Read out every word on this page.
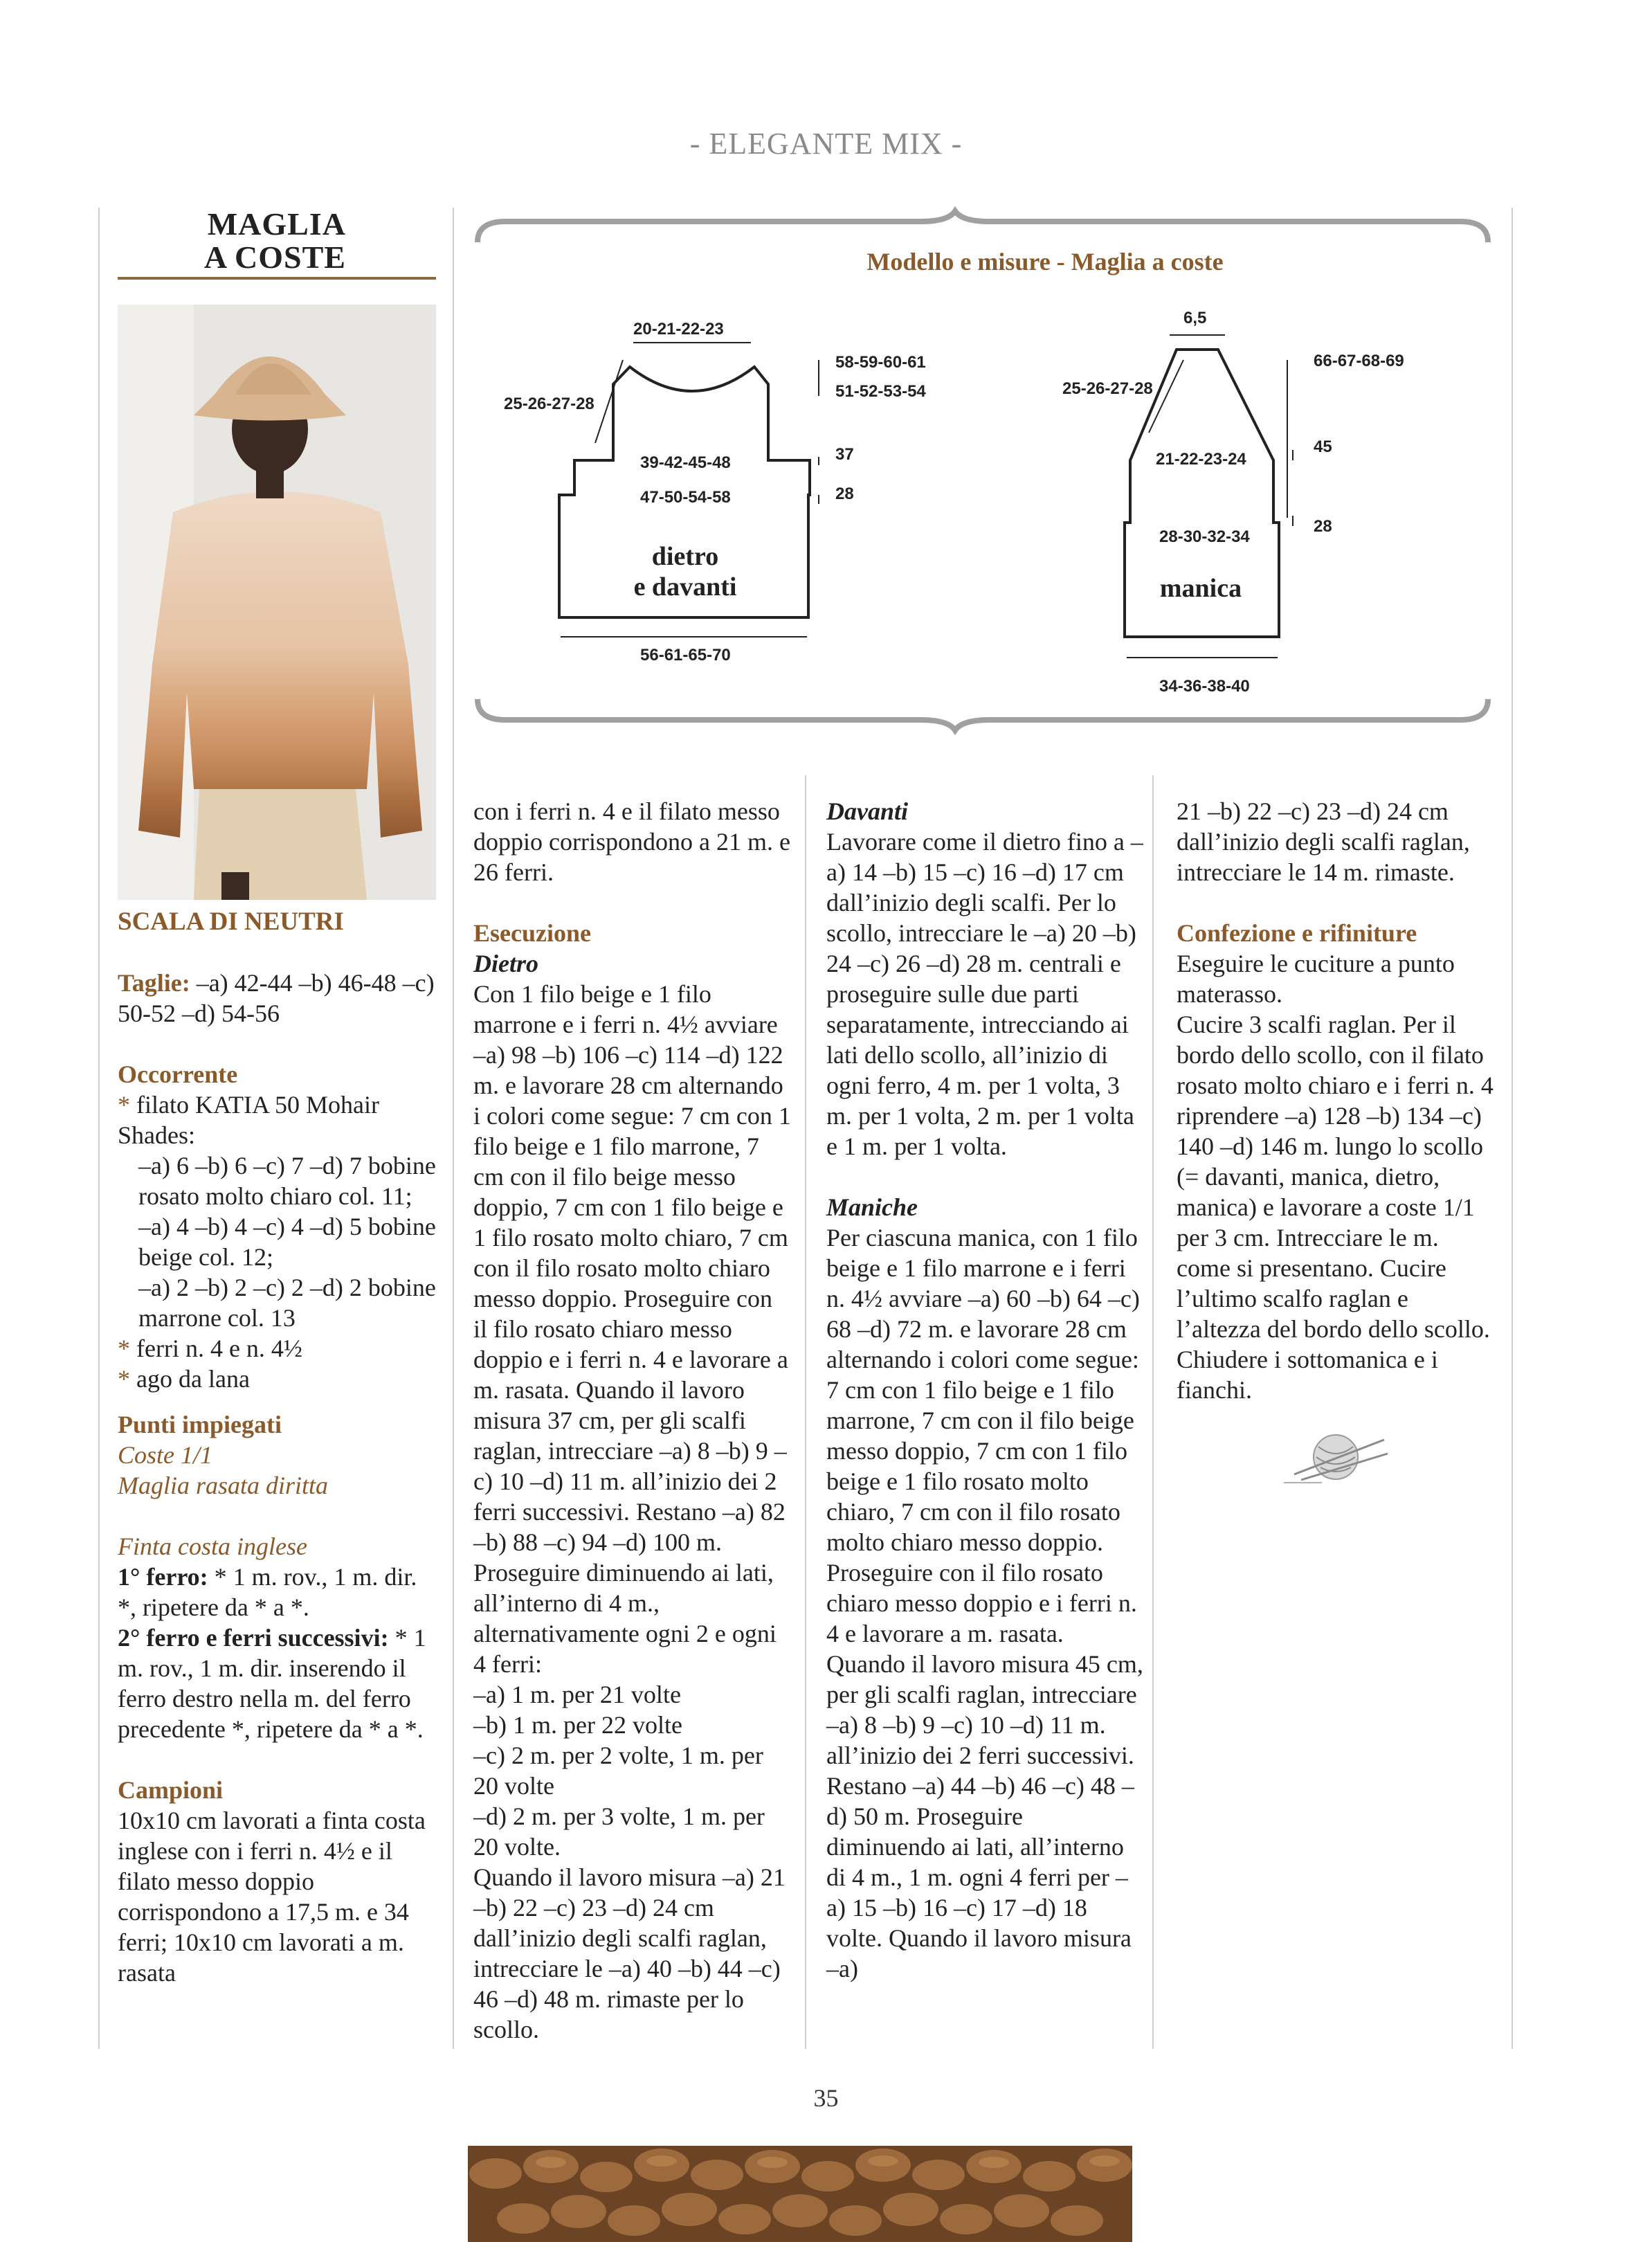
- ELEGANTE MIX -
MAGLIA
A COSTE	Modello e misure - Maglia a coste
20-21-22-23
25-26-27-28
58-59-60-61
51-52-53-54
39-42-45-48
47-50-54-58
37
28
56-61-65-70
dietro
e davanti
6,5
25-26-27-28
66-67-68-69
21-22-23-24
45
28-30-32-34
28
34-36-38-40
manica

SCALA DI NEUTRI

Taglie: –a) 42-44 –b) 46-48 –c) 50-52 –d) 54-56

Occorrente

* filato KATIA 50 Mohair Shades:

–a) 6 –b) 6 –c) 7 –d) 7 bobine rosato molto chiaro col. 11;

–a) 4 –b) 4 –c) 4 –d) 5 bobine beige col. 12;

–a) 2 –b) 2 –c) 2 –d) 2 bobine marrone col. 13

* ferri n. 4 e n. 4½

* ago da lana

Punti impiegati

Coste 1/1

Maglia rasata diritta

Finta costa inglese

1° ferro: * 1 m. rov., 1 m. dir. *, ripetere da * a *.

2° ferro e ferri successivi: * 1 m. rov., 1 m. dir. inserendo il ferro destro nella m. del ferro precedente *, ripetere da * a *.

Campioni

10x10 cm lavorati a finta costa inglese con i ferri n. 4½ e il filato messo doppio corrispondono a 17,5 m. e 34 ferri; 10x10 cm lavorati a m. rasata

con i ferri n. 4 e il filato messo doppio corrispondono a 21 m. e 26 ferri.

Esecuzione

Dietro

Con 1 filo beige e 1 filo marrone e i ferri n. 4½ avviare –a) 98 –b) 106 –c) 114 –d) 122 m. e lavorare 28 cm alternando i colori come segue: 7 cm con 1 filo beige e 1 filo marrone, 7 cm con il filo beige messo doppio, 7 cm con 1 filo beige e 1 filo rosato molto chiaro, 7 cm con il filo rosato molto chiaro messo doppio. Proseguire con il filo rosato chiaro messo doppio e i ferri n. 4 e lavorare a m. rasata. Quando il lavoro misura 37 cm, per gli scalfi raglan, intrecciare –a) 8 –b) 9 –c) 10 –d) 11 m. all’inizio dei 2 ferri successivi. Restano –a) 82 –b) 88 –c) 94 –d) 100 m. Proseguire diminuendo ai lati, all’interno di 4 m., alternativamente ogni 2 e ogni 4 ferri:

–a) 1 m. per 21 volte

–b) 1 m. per 22 volte

–c) 2 m. per 2 volte, 1 m. per 20 volte

–d) 2 m. per 3 volte, 1 m. per 20 volte.

Quando il lavoro misura –a) 21 –b) 22 –c) 23 –d) 24 cm dall’inizio degli scalfi raglan, intrecciare le –a) 40 –b) 44 –c) 46 –d) 48 m. rimaste per lo scollo.

Davanti

Lavorare come il dietro fino a –a) 14 –b) 15 –c) 16 –d) 17 cm dall’inizio degli scalfi. Per lo scollo, intrecciare le –a) 20 –b) 24 –c) 26 –d) 28 m. centrali e proseguire sulle due parti separatamente, intrecciando ai lati dello scollo, all’inizio di ogni ferro, 4 m. per 1 volta, 3 m. per 1 volta, 2 m. per 1 volta e 1 m. per 1 volta.

Maniche

Per ciascuna manica, con 1 filo beige e 1 filo marrone e i ferri n. 4½ avviare –a) 60 –b) 64 –c) 68 –d) 72 m. e lavorare 28 cm alternando i colori come segue: 7 cm con 1 filo beige e 1 filo marrone, 7 cm con il filo beige messo doppio, 7 cm con 1 filo beige e 1 filo rosato molto chiaro, 7 cm con il filo rosato molto chiaro messo doppio. Proseguire con il filo rosato chiaro messo doppio e i ferri n. 4 e lavorare a m. rasata. Quando il lavoro misura 45 cm, per gli scalfi raglan, intrecciare –a) 8 –b) 9 –c) 10 –d) 11 m. all’inizio dei 2 ferri successivi. Restano –a) 44 –b) 46 –c) 48 –d) 50 m. Proseguire diminuendo ai lati, all’interno di 4 m., 1 m. ogni 4 ferri per –a) 15 –b) 16 –c) 17 –d) 18 volte. Quando il lavoro misura –a)

21 –b) 22 –c) 23 –d) 24 cm dall’inizio degli scalfi raglan, intrecciare le 14 m. rimaste.

Confezione e rifiniture

Eseguire le cuciture a punto materasso.

Cucire 3 scalfi raglan. Per il bordo dello scollo, con il filato rosato molto chiaro e i ferri n. 4 riprendere –a) 128 –b) 134 –c) 140 –d) 146 m. lungo lo scollo (= davanti, manica, dietro, manica) e lavorare a coste 1/1 per 3 cm. Intrecciare le m. come si presentano. Cucire l’ultimo scalfo raglan e l’altezza del bordo dello scollo. Chiudere i sottomanica e i fianchi.

35
